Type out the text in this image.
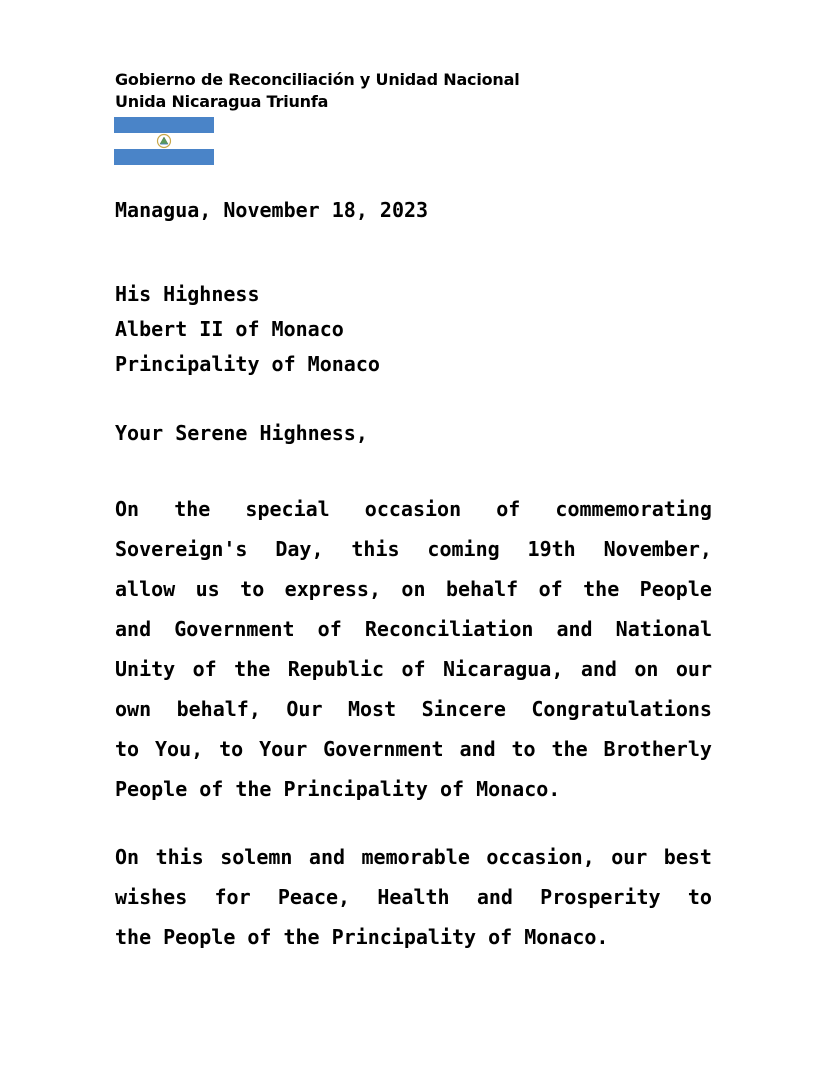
Gobierno de Reconciliación y Unidad Nacional
Unida Nicaragua Triunfa
Managua, November 18, 2023
His Highness
Albert II of Monaco
Principality of Monaco
Your Serene Highness,
On the special occasion of commemorating
Sovereign's Day, this coming 19th November,
allow us to express, on behalf of the People
and Government of Reconciliation and National
Unity of the Republic of Nicaragua, and on our
own behalf, Our Most Sincere Congratulations
to You, to Your Government and to the Brotherly
People of the Principality of Monaco.
On this solemn and memorable occasion, our best
wishes for Peace, Health and Prosperity to
the People of the Principality of Monaco.
